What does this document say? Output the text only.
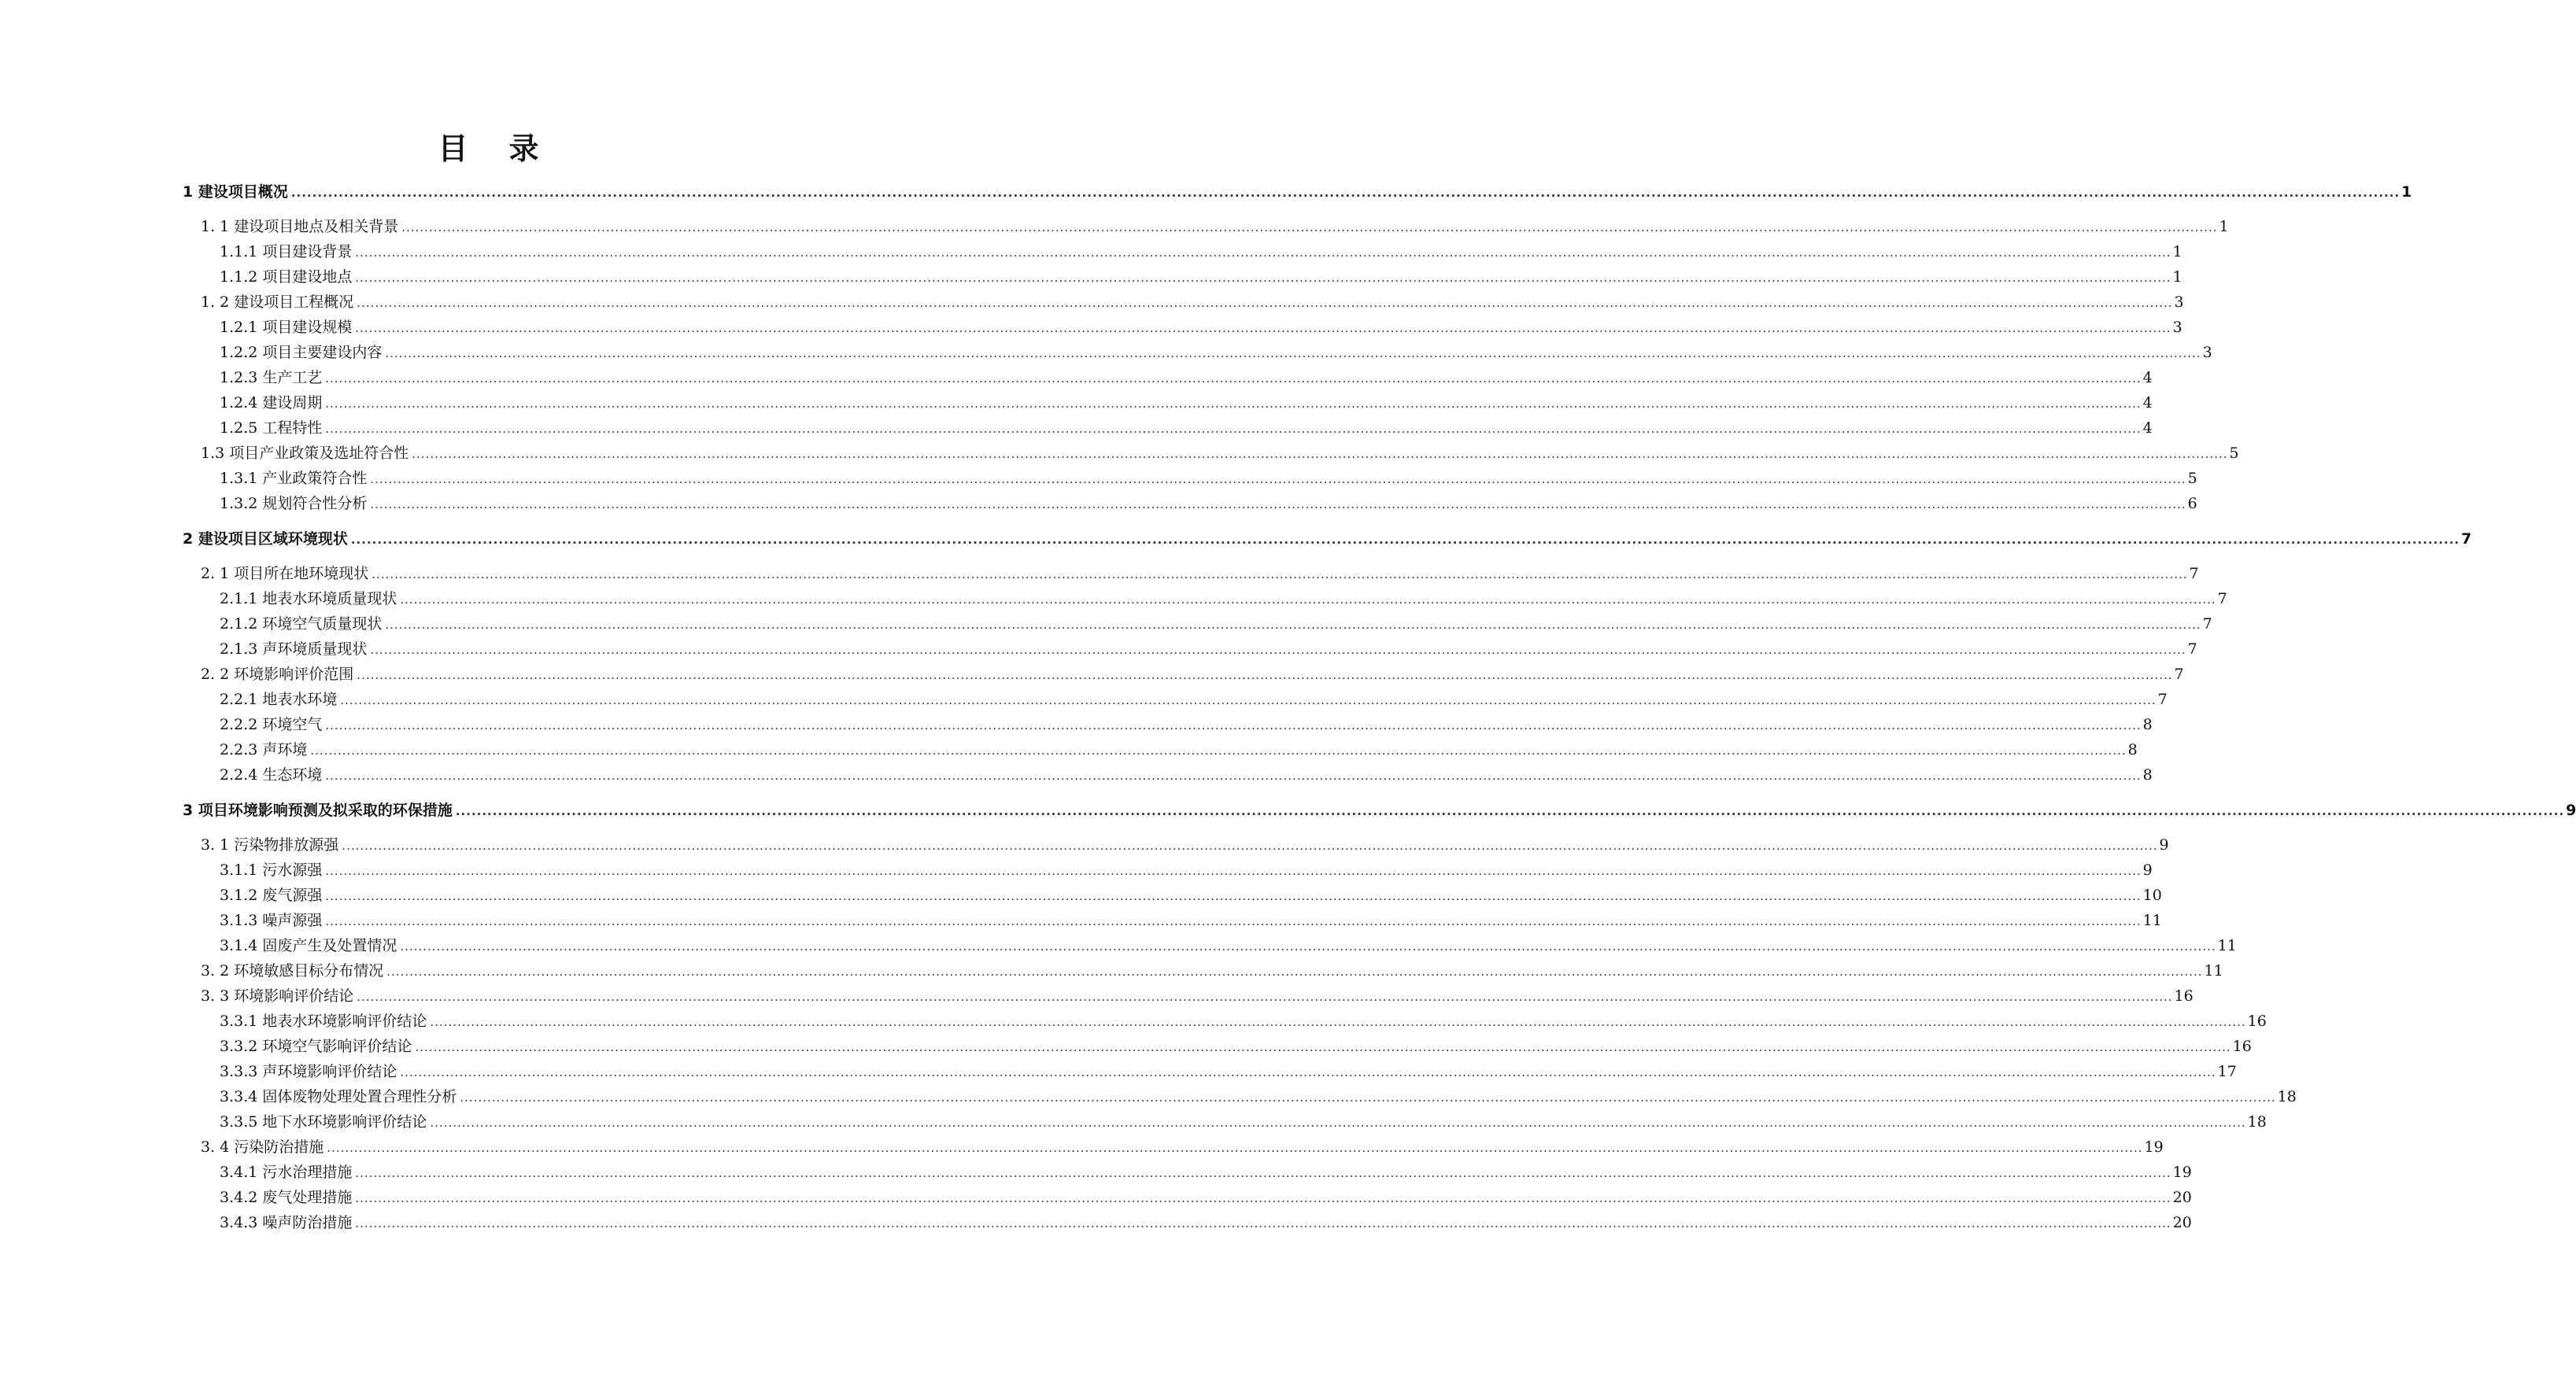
目录
1 建设项目概况 ................................................................................................................................................................................................................................................................................................................................................................................................................ 1
1. 1 建设项目地点及相关背景 ................................................................................................................................................................................................................................................................................................................................................................................................................ 1
1.1.1 项目建设背景 ................................................................................................................................................................................................................................................................................................................................................................................................................ 1
1.1.2 项目建设地点 ................................................................................................................................................................................................................................................................................................................................................................................................................ 1
1. 2 建设项目工程概况 ................................................................................................................................................................................................................................................................................................................................................................................................................ 3
1.2.1 项目建设规模 ................................................................................................................................................................................................................................................................................................................................................................................................................ 3
1.2.2 项目主要建设内容 ................................................................................................................................................................................................................................................................................................................................................................................................................ 3
1.2.3 生产工艺 ................................................................................................................................................................................................................................................................................................................................................................................................................ 4
1.2.4 建设周期 ................................................................................................................................................................................................................................................................................................................................................................................................................ 4
1.2.5 工程特性 ................................................................................................................................................................................................................................................................................................................................................................................................................ 4
1.3 项目产业政策及选址符合性 ................................................................................................................................................................................................................................................................................................................................................................................................................ 5
1.3.1 产业政策符合性 ................................................................................................................................................................................................................................................................................................................................................................................................................ 5
1.3.2 规划符合性分析 ................................................................................................................................................................................................................................................................................................................................................................................................................ 6
2 建设项目区域环境现状 ................................................................................................................................................................................................................................................................................................................................................................................................................ 7
2. 1 项目所在地环境现状 ................................................................................................................................................................................................................................................................................................................................................................................................................ 7
2.1.1 地表水环境质量现状 ................................................................................................................................................................................................................................................................................................................................................................................................................ 7
2.1.2 环境空气质量现状 ................................................................................................................................................................................................................................................................................................................................................................................................................ 7
2.1.3 声环境质量现状 ................................................................................................................................................................................................................................................................................................................................................................................................................ 7
2. 2 环境影响评价范围 ................................................................................................................................................................................................................................................................................................................................................................................................................ 7
2.2.1 地表水环境 ................................................................................................................................................................................................................................................................................................................................................................................................................ 7
2.2.2 环境空气 ................................................................................................................................................................................................................................................................................................................................................................................................................ 8
2.2.3 声环境 ................................................................................................................................................................................................................................................................................................................................................................................................................ 8
2.2.4 生态环境 ................................................................................................................................................................................................................................................................................................................................................................................................................ 8
3 项目环境影响预测及拟采取的环保措施 ................................................................................................................................................................................................................................................................................................................................................................................................................ 9
3. 1 污染物排放源强 ................................................................................................................................................................................................................................................................................................................................................................................................................ 9
3.1.1 污水源强 ................................................................................................................................................................................................................................................................................................................................................................................................................ 9
3.1.2 废气源强 ................................................................................................................................................................................................................................................................................................................................................................................................................ 10
3.1.3 噪声源强 ................................................................................................................................................................................................................................................................................................................................................................................................................ 11
3.1.4 固废产生及处置情况 ................................................................................................................................................................................................................................................................................................................................................................................................................ 11
3. 2 环境敏感目标分布情况 ................................................................................................................................................................................................................................................................................................................................................................................................................ 11
3. 3 环境影响评价结论 ................................................................................................................................................................................................................................................................................................................................................................................................................ 16
3.3.1 地表水环境影响评价结论 ................................................................................................................................................................................................................................................................................................................................................................................................................ 16
3.3.2 环境空气影响评价结论 ................................................................................................................................................................................................................................................................................................................................................................................................................ 16
3.3.3 声环境影响评价结论 ................................................................................................................................................................................................................................................................................................................................................................................................................ 17
3.3.4 固体废物处理处置合理性分析 ................................................................................................................................................................................................................................................................................................................................................................................................................ 18
3.3.5 地下水环境影响评价结论 ................................................................................................................................................................................................................................................................................................................................................................................................................ 18
3. 4 污染防治措施 ................................................................................................................................................................................................................................................................................................................................................................................................................ 19
3.4.1 污水治理措施 ................................................................................................................................................................................................................................................................................................................................................................................................................ 19
3.4.2 废气处理措施 ................................................................................................................................................................................................................................................................................................................................................................................................................ 20
3.4.3 噪声防治措施 ................................................................................................................................................................................................................................................................................................................................................................................................................ 20
